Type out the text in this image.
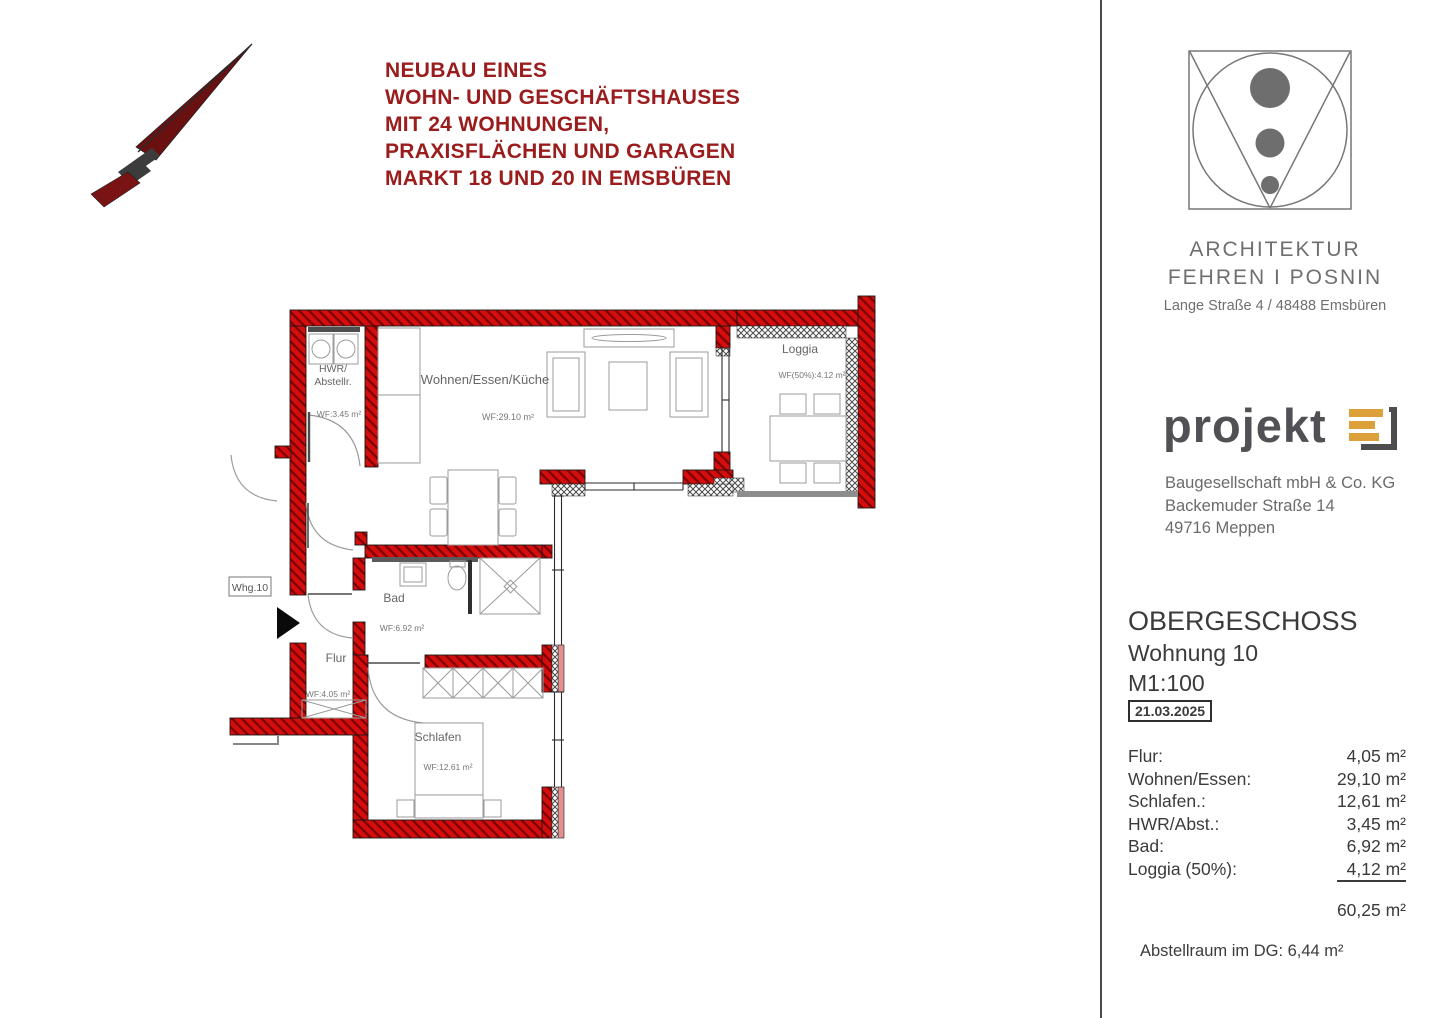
HWR/
Abstellr.
WF:3.45 m²
Wohnen/Essen/Küche
WF:29.10 m²
Loggia
WF(50%):4.12 m²
Bad
WF:6.92 m²
Flur
WF:4.05 m²
Schlafen
WF:12.61 m²
Whg.10
NEUBAU EINES
WOHN- UND GESCHÄFTSHAUSES
MIT 24 WOHNUNGEN,
PRAXISFLÄCHEN UND GARAGEN
MARKT 18 UND 20 IN EMSBÜREN
ARCHITEKTUR
FEHREN I POSNIN
Lange Straße 4 / 48488 Emsbüren
projekt
Baugesellschaft mbH & Co. KG
Backemuder Straße 14
49716 Meppen
OBERGESCHOSS
Wohnung 10
M1:100
21.03.2025
Flur:	4,05 m²
Wohnen/Essen:	29,10 m²
Schlafen.:	12,61 m²
HWR/Abst.:	3,45 m²
Bad:	6,92 m²
Loggia (50%):	4,12 m²
60,25 m²
Abstellraum im DG: 6,44 m²
